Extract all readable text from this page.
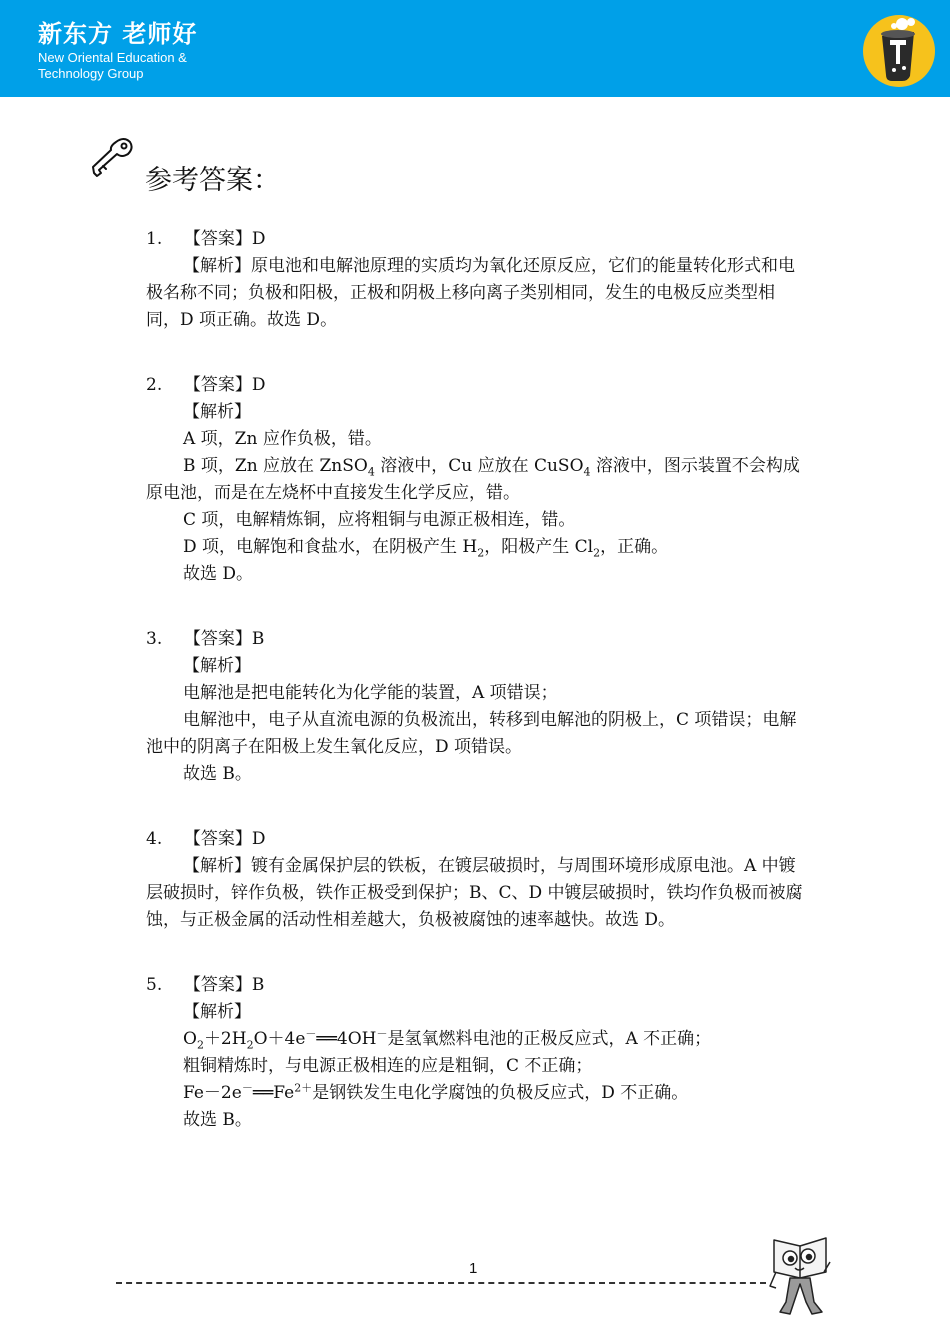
新东方 老师好
New Oriental Education &
Technology Group
参考答案：

1. 【答案】D

【解析】原电池和电解池原理的实质均为氧化还原反应，它们的能量转化形式和电极名称不同；负极和阳极，正极和阴极上移向离子类别相同，发生的电极反应类型相同，D 项正确。故选 D。

2. 【答案】D

【解析】

A 项，Zn 应作负极，错。

B 项，Zn 应放在 ZnSO$_4$ 溶液中，Cu 应放在 CuSO$_4$ 溶液中，图示装置不会构成原电池，而是在左烧杯中直接发生化学反应，错。

C 项，电解精炼铜，应将粗铜与电源正极相连，错。

D 项，电解饱和食盐水，在阴极产生 $H_2$，阳极产生 $Cl_2$，正确。

故选 D。

3. 【答案】B

【解析】

电解池是把电能转化为化学能的装置，A 项错误；

电解池中，电子从直流电源的负极流出，转移到电解池的阴极上，C 项错误；电解池中的阴离子在阳极上发生氧化反应，D 项错误。

故选 B。

4. 【答案】D

【解析】镀有金属保护层的铁板，在镀层破损时，与周围环境形成原电池。A 中镀层破损时，锌作负极，铁作正极受到保护；B、C、D 中镀层破损时，铁均作负极而被腐蚀，与正极金属的活动性相差越大，负极被腐蚀的速率越快。故选 D。

5. 【答案】B

【解析】

$O_2+2H_2O+4e^-══4OH^-$是氢氧燃料电池的正极反应式，A 不正确；

粗铜精炼时，与电源正极相连的应是粗铜，C 不正确；

$Fe-2e^-══Fe^{2+}$是钢铁发生电化学腐蚀的负极反应式，D 不正确。

故选 B。

1
